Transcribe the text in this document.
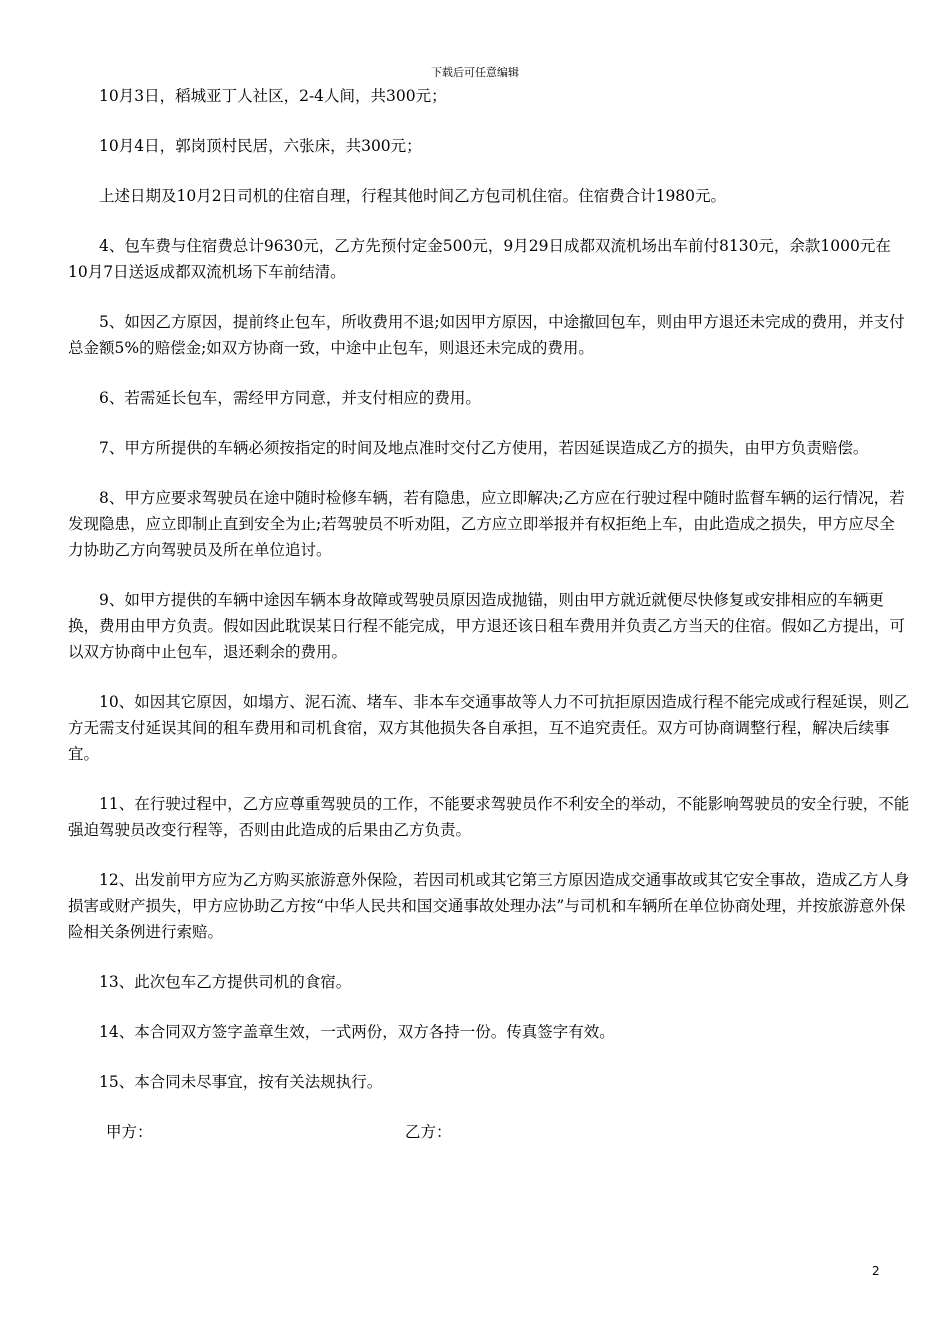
下载后可任意编辑

10月3日，稻城亚丁人社区，2-4人间，共300元；

10月4日，郭岗顶村民居，六张床，共300元；

上述日期及10月2日司机的住宿自理，行程其他时间乙方包司机住宿。住宿费合计1980元。

4、包车费与住宿费总计9630元，乙方先预付定金500元，9月29日成都双流机场出车前付8130元，余款1000元在10月7日送返成都双流机场下车前结清。

5、如因乙方原因，提前终止包车，所收费用不退;如因甲方原因，中途撤回包车，则由甲方退还未完成的费用，并支付总金额5%的赔偿金;如双方协商一致，中途中止包车，则退还未完成的费用。

6、若需延长包车，需经甲方同意，并支付相应的费用。

7、甲方所提供的车辆必须按指定的时间及地点准时交付乙方使用，若因延误造成乙方的损失，由甲方负责赔偿。

8、甲方应要求驾驶员在途中随时检修车辆，若有隐患，应立即解决;乙方应在行驶过程中随时监督车辆的运行情况，若发现隐患，应立即制止直到安全为止;若驾驶员不听劝阻，乙方应立即举报并有权拒绝上车，由此造成之损失，甲方应尽全力协助乙方向驾驶员及所在单位追讨。

9、如甲方提供的车辆中途因车辆本身故障或驾驶员原因造成抛锚，则由甲方就近就便尽快修复或安排相应的车辆更换，费用由甲方负责。假如因此耽误某日行程不能完成，甲方退还该日租车费用并负责乙方当天的住宿。假如乙方提出，可以双方协商中止包车，退还剩余的费用。

10、如因其它原因，如塌方、泥石流、堵车、非本车交通事故等人力不可抗拒原因造成行程不能完成或行程延误，则乙方无需支付延误其间的租车费用和司机食宿，双方其他损失各自承担，互不追究责任。双方可协商调整行程，解决后续事宜。

11、在行驶过程中，乙方应尊重驾驶员的工作，不能要求驾驶员作不利安全的举动，不能影响驾驶员的安全行驶，不能强迫驾驶员改变行程等，否则由此造成的后果由乙方负责。

12、出发前甲方应为乙方购买旅游意外保险，若因司机或其它第三方原因造成交通事故或其它安全事故，造成乙方人身损害或财产损失，甲方应协助乙方按“中华人民共和国交通事故处理办法”与司机和车辆所在单位协商处理，并按旅游意外保险相关条例进行索赔。

13、此次包车乙方提供司机的食宿。

14、本合同双方签字盖章生效，一式两份，双方各持一份。传真签字有效。

15、本合同未尽事宜，按有关法规执行。

甲方：	乙方：
2
